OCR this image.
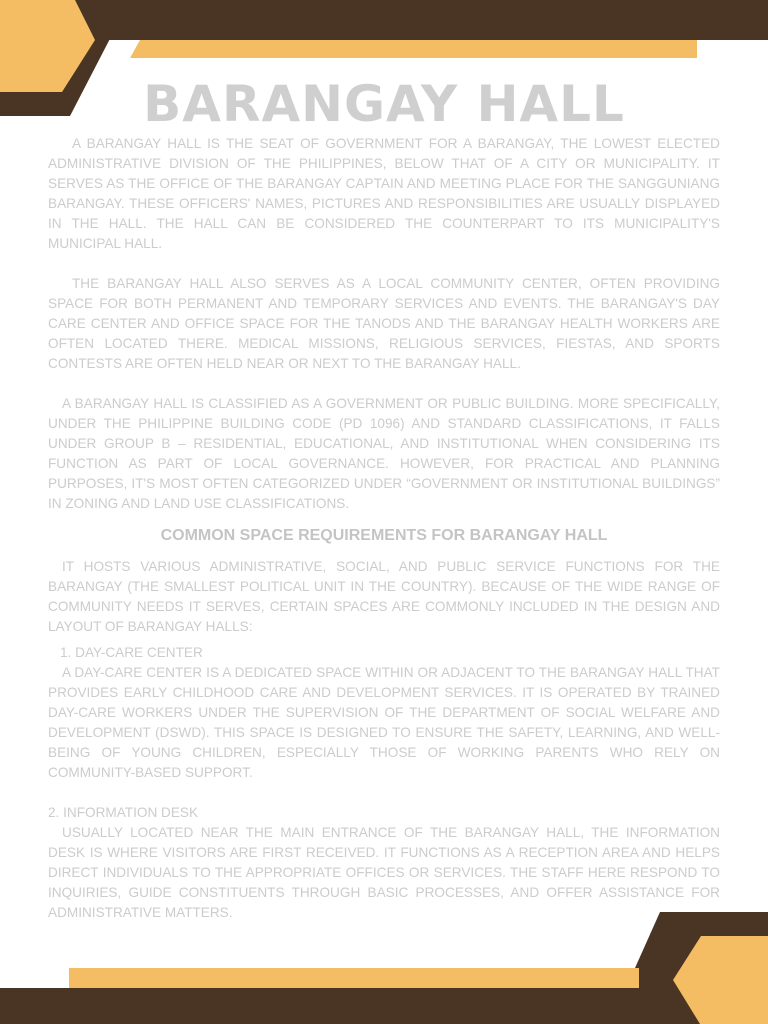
BARANGAY HALL

A BARANGAY HALL IS THE SEAT OF GOVERNMENT FOR A BARANGAY, THE LOWEST ELECTED ADMINISTRATIVE DIVISION OF THE PHILIPPINES, BELOW THAT OF A CITY OR MUNICIPALITY. IT SERVES AS THE OFFICE OF THE BARANGAY CAPTAIN AND MEETING PLACE FOR THE SANGGUNIANG BARANGAY. THESE OFFICERS' NAMES, PICTURES AND RESPONSIBILITIES ARE USUALLY DISPLAYED IN THE HALL. THE HALL CAN BE CONSIDERED THE COUNTERPART TO ITS MUNICIPALITY'S MUNICIPAL HALL.

THE BARANGAY HALL ALSO SERVES AS A LOCAL COMMUNITY CENTER, OFTEN PROVIDING SPACE FOR BOTH PERMANENT AND TEMPORARY SERVICES AND EVENTS. THE BARANGAY'S DAY CARE CENTER AND OFFICE SPACE FOR THE TANODS AND THE BARANGAY HEALTH WORKERS ARE OFTEN LOCATED THERE. MEDICAL MISSIONS, RELIGIOUS SERVICES, FIESTAS, AND SPORTS CONTESTS ARE OFTEN HELD NEAR OR NEXT TO THE BARANGAY HALL.

A BARANGAY HALL IS CLASSIFIED AS A GOVERNMENT OR PUBLIC BUILDING. MORE SPECIFICALLY, UNDER THE PHILIPPINE BUILDING CODE (PD 1096) AND STANDARD CLASSIFICATIONS, IT FALLS UNDER GROUP B – RESIDENTIAL, EDUCATIONAL, AND INSTITUTIONAL WHEN CONSIDERING ITS FUNCTION AS PART OF LOCAL GOVERNANCE. HOWEVER, FOR PRACTICAL AND PLANNING PURPOSES, IT'S MOST OFTEN CATEGORIZED UNDER “GOVERNMENT OR INSTITUTIONAL BUILDINGS” IN ZONING AND LAND USE CLASSIFICATIONS.

COMMON SPACE REQUIREMENTS FOR BARANGAY HALL

IT HOSTS VARIOUS ADMINISTRATIVE, SOCIAL, AND PUBLIC SERVICE FUNCTIONS FOR THE BARANGAY (THE SMALLEST POLITICAL UNIT IN THE COUNTRY). BECAUSE OF THE WIDE RANGE OF COMMUNITY NEEDS IT SERVES, CERTAIN SPACES ARE COMMONLY INCLUDED IN THE DESIGN AND LAYOUT OF BARANGAY HALLS:

1. DAY-CARE CENTER

A DAY-CARE CENTER IS A DEDICATED SPACE WITHIN OR ADJACENT TO THE BARANGAY HALL THAT PROVIDES EARLY CHILDHOOD CARE AND DEVELOPMENT SERVICES. IT IS OPERATED BY TRAINED DAY-CARE WORKERS UNDER THE SUPERVISION OF THE DEPARTMENT OF SOCIAL WELFARE AND DEVELOPMENT (DSWD). THIS SPACE IS DESIGNED TO ENSURE THE SAFETY, LEARNING, AND WELL-BEING OF YOUNG CHILDREN, ESPECIALLY THOSE OF WORKING PARENTS WHO RELY ON COMMUNITY-BASED SUPPORT.

2. INFORMATION DESK

USUALLY LOCATED NEAR THE MAIN ENTRANCE OF THE BARANGAY HALL, THE INFORMATION DESK IS WHERE VISITORS ARE FIRST RECEIVED. IT FUNCTIONS AS A RECEPTION AREA AND HELPS DIRECT INDIVIDUALS TO THE APPROPRIATE OFFICES OR SERVICES. THE STAFF HERE RESPOND TO INQUIRIES, GUIDE CONSTITUENTS THROUGH BASIC PROCESSES, AND OFFER ASSISTANCE FOR ADMINISTRATIVE MATTERS.
